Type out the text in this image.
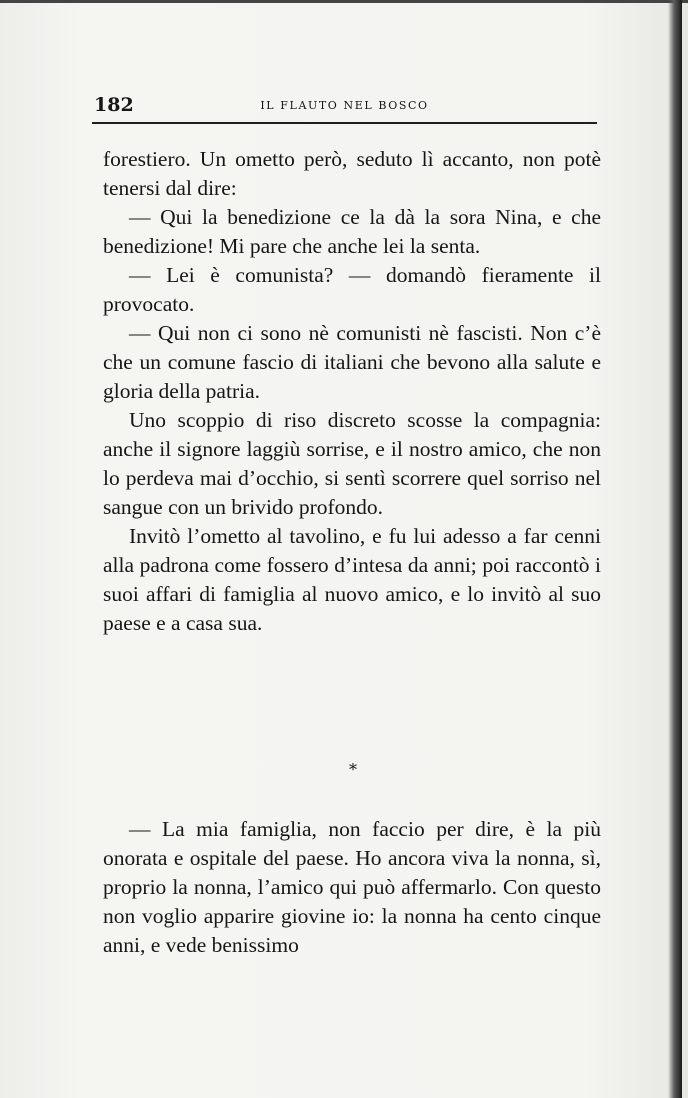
182	IL FLAUTO NEL BOSCO

forestiero. Un ometto però, seduto lì accanto, non potè tenersi dal dire:

— Qui la benedizione ce la dà la sora Nina, e che benedizione! Mi pare che anche lei la senta.

— Lei è comunista? — domandò fieramente il provocato.

— Qui non ci sono nè comunisti nè fascisti. Non c’è che un comune fascio di italiani che bevono alla salute e gloria della patria.

Uno scoppio di riso discreto scosse la compagnia: anche il signore laggiù sorrise, e il nostro amico, che non lo perdeva mai d’occhio, si sentì scorrere quel sorriso nel sangue con un brivido profondo.

Invitò l’ometto al tavolino, e fu lui adesso a far cenni alla padrona come fossero d’intesa da anni; poi raccontò i suoi affari di famiglia al nuovo amico, e lo invitò al suo paese e a casa sua.

*

— La mia famiglia, non faccio per dire, è la più onorata e ospitale del paese. Ho ancora viva la nonna, sì, proprio la nonna, l’amico qui può affermarlo. Con questo non voglio apparire giovine io: la nonna ha cento cinque anni, e vede benissimo
